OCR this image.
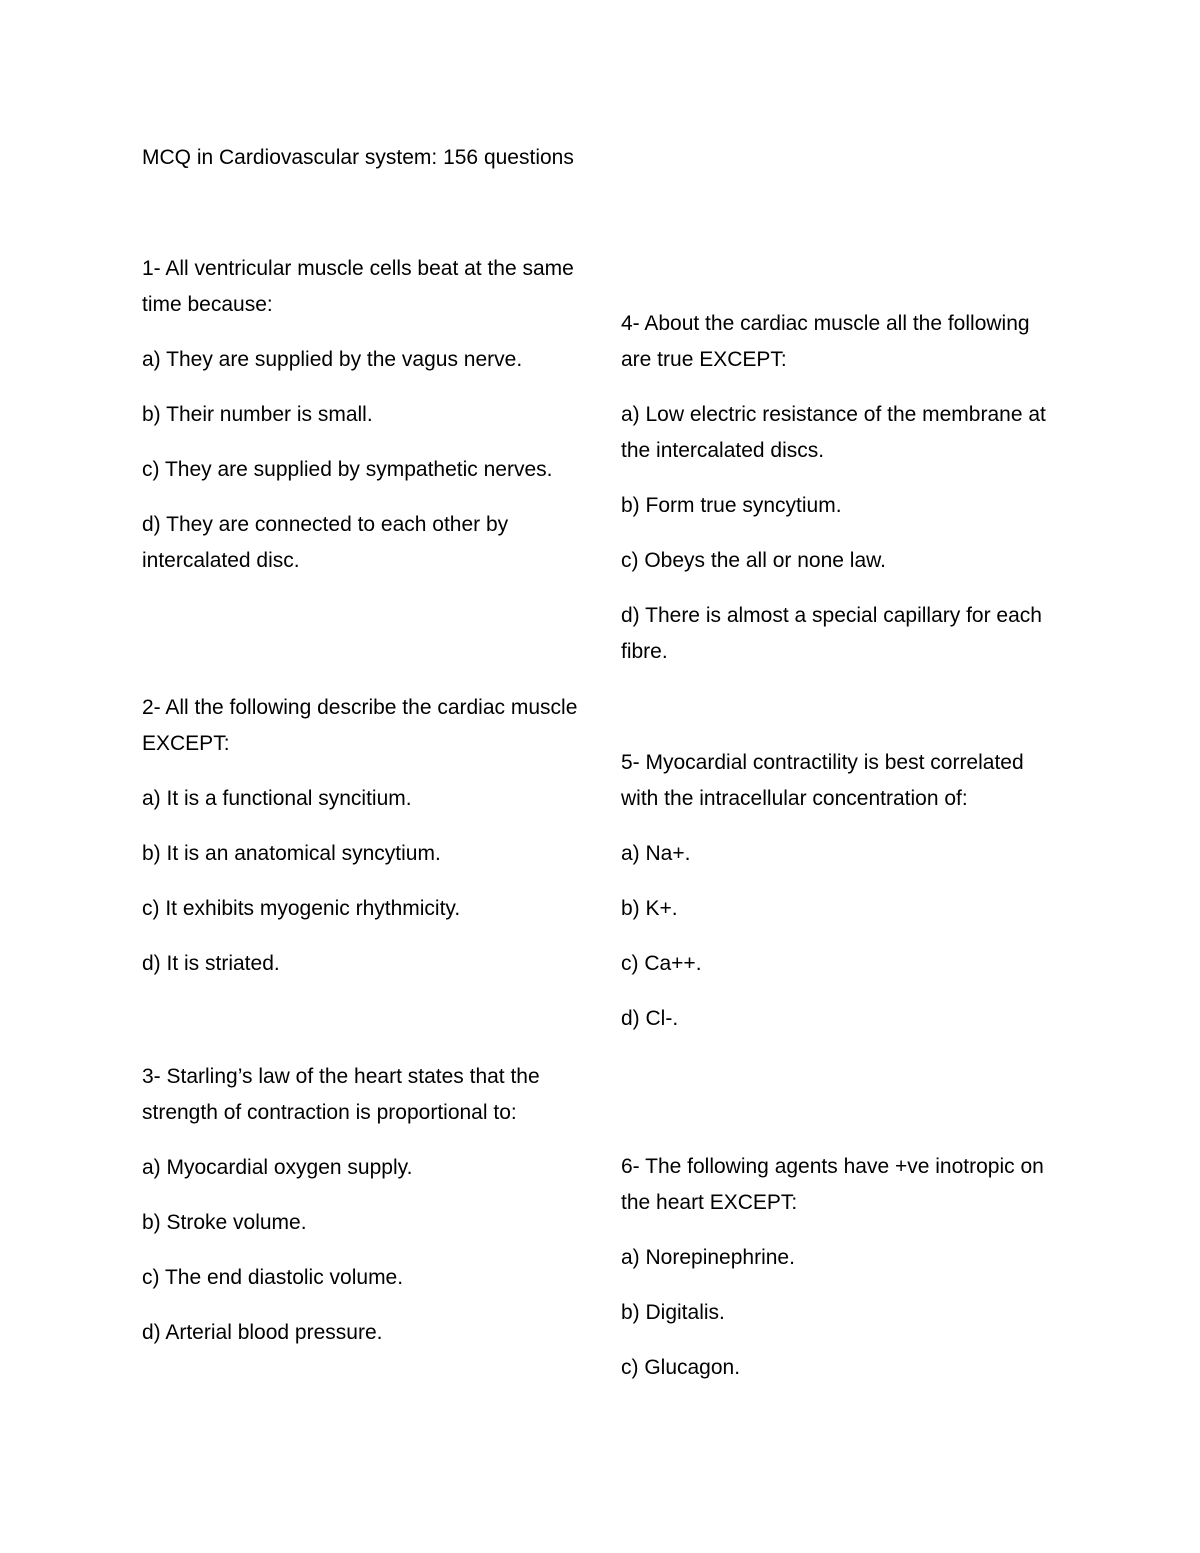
MCQ in Cardiovascular system: 156 questions

1- All ventricular muscle cells beat at the same time because:

a) They are supplied by the vagus nerve.

b) Their number is small.

c) They are supplied by sympathetic nerves.

d) They are connected to each other by intercalated disc.

2- All the following describe the cardiac muscle EXCEPT:

a) It is a functional syncitium.

b) It is an anatomical syncytium.

c) It exhibits myogenic rhythmicity.

d) It is striated.

3- Starling’s law of the heart states that the strength of contraction is proportional to:

a) Myocardial oxygen supply.

b) Stroke volume.

c) The end diastolic volume.

d) Arterial blood pressure.

4- About the cardiac muscle all the following are true EXCEPT:

a) Low electric resistance of the membrane at the intercalated discs.

b) Form true syncytium.

c) Obeys the all or none law.

d) There is almost a special capillary for each fibre.

5- Myocardial contractility is best correlated with the intracellular concentration of:

a) Na+.

b) K+.

c) Ca++.

d) Cl-.

6- The following agents have +ve inotropic on the heart EXCEPT:

a) Norepinephrine.

b) Digitalis.

c) Glucagon.
